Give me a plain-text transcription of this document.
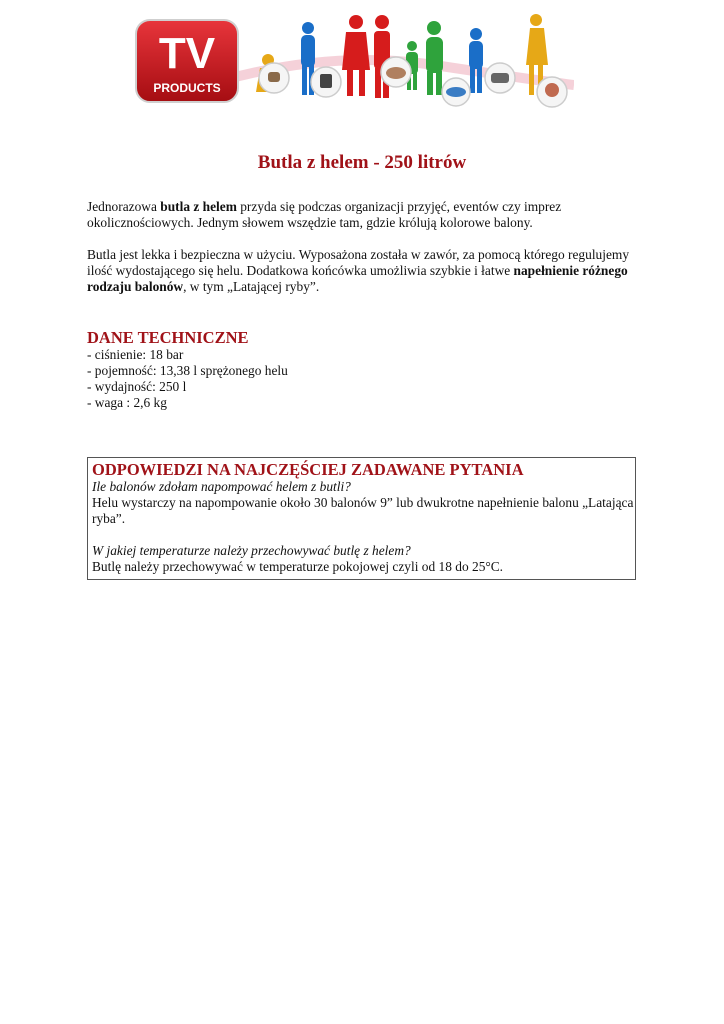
TV
PRODUCTS
Butla z helem - 250 litrów

Jednorazowa butla z helem przyda się podczas organizacji przyjęć, eventów czy imprez okolicznościowych. Jednym słowem wszędzie tam, gdzie królują kolorowe balony.

Butla jest lekka i bezpieczna w użyciu. Wyposażona została w zawór, za pomocą którego regulujemy ilość wydostającego się helu. Dodatkowa końcówka umożliwia szybkie i łatwe napełnienie różnego rodzaju balonów, w tym „Latającej ryby”.

DANE TECHNICZNE
- ciśnienie: 18 bar
- pojemność: 13,38 l sprężonego helu
- wydajność: 250 l
- waga : 2,6 kg
ODPOWIEDZI NA NAJCZĘŚCIEJ ZADAWANE PYTANIA
Ile balonów zdołam napompować helem z butli?
Helu wystarczy na napompowanie około 30 balonów 9” lub dwukrotne napełnienie balonu „Latająca ryba”.
W jakiej temperaturze należy przechowywać butlę z helem?
Butlę należy przechowywać w temperaturze pokojowej czyli od 18 do 25°C.
